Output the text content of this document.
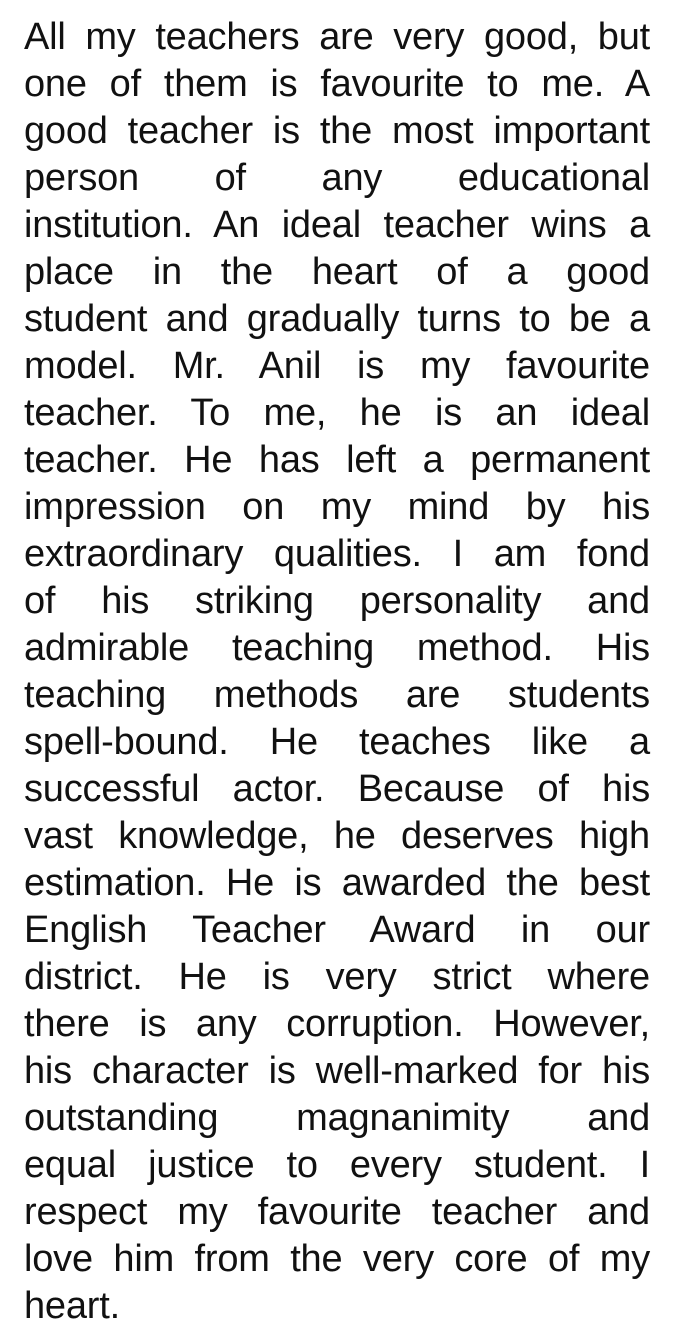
All my teachers are very good, but
one of them is favourite to me. A
good teacher is the most important
person of any educational
institution. An ideal teacher wins a
place in the heart of a good
student and gradually turns to be a
model. Mr. Anil is my favourite
teacher. To me, he is an ideal
teacher. He has left a permanent
impression on my mind by his
extraordinary qualities. I am fond
of his striking personality and
admirable teaching method. His
teaching methods are students
spell-bound. He teaches like a
successful actor. Because of his
vast knowledge, he deserves high
estimation. He is awarded the best
English Teacher Award in our
district. He is very strict where
there is any corruption. However,
his character is well-marked for his
outstanding magnanimity and
equal justice to every student. I
respect my favourite teacher and
love him from the very core of my
heart.
